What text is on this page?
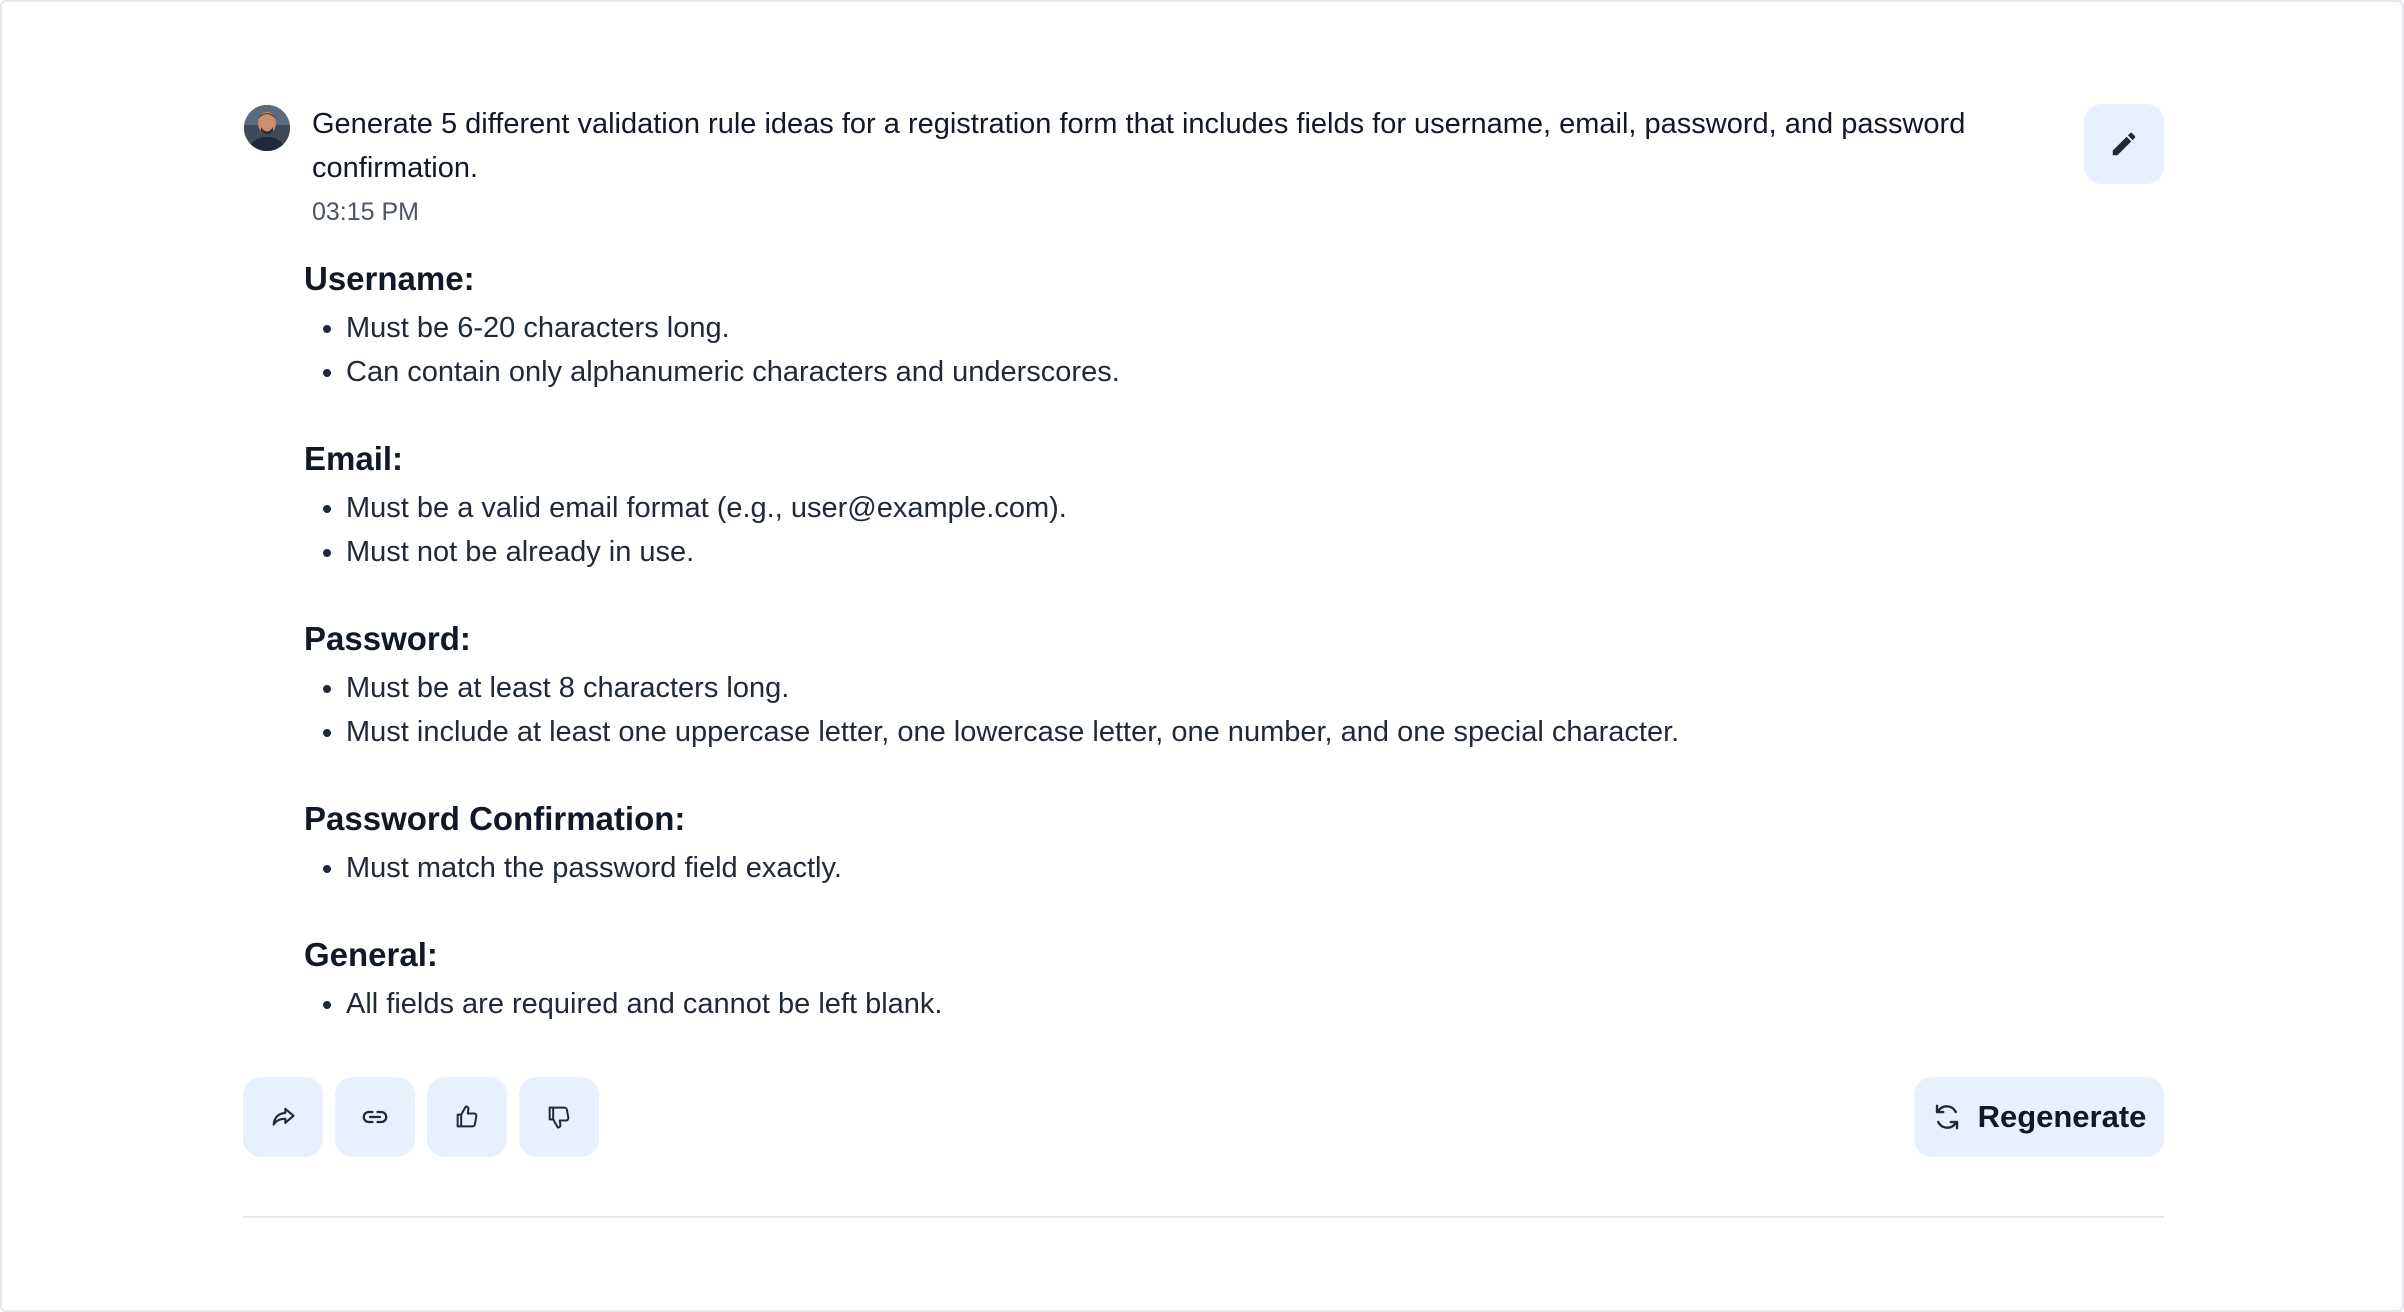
Generate 5 different validation rule ideas for a registration form that includes fields for username, email, password, and password confirmation.
03:15 PM
Username:
• Must be 6-20 characters long.
• Can contain only alphanumeric characters and underscores.
Email:
• Must be a valid email format (e.g., user@example.com).
• Must not be already in use.
Password:
• Must be at least 8 characters long.
• Must include at least one uppercase letter, one lowercase letter, one number, and one special character.
Password Confirmation:
• Must match the password field exactly.
General:
• All fields are required and cannot be left blank.
Regenerate
